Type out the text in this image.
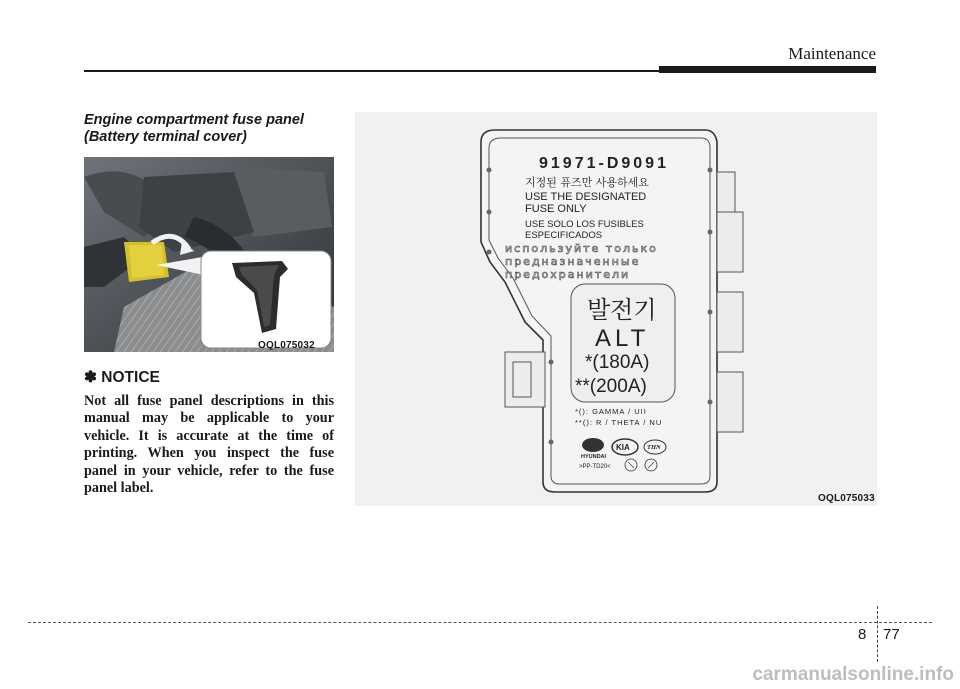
Maintenance
Engine compartment fuse panel
(Battery terminal cover)
OQL075032
91971-D9091
지정된 퓨즈만 사용하세요
USE THE DESIGNATED
FUSE ONLY
USE SOLO LOS FUSIBLES
ESPECIFICADOS
используйте только
предназначенные
предохранители
발전기
ALT
*(180A)
**(200A)
*(): GAMMA / UII
**(): R / THETA / NU
HYUNDAI
KIA	THN
>PP-TD20<
OQL075033
✽ NOTICE
Not all fuse panel descriptions in this manual may be applicable to your vehicle. It is accurate at the time of printing. When you inspect the fuse panel in your vehicle, refer to the fuse panel label.
8 77
carmanualsonline.info
